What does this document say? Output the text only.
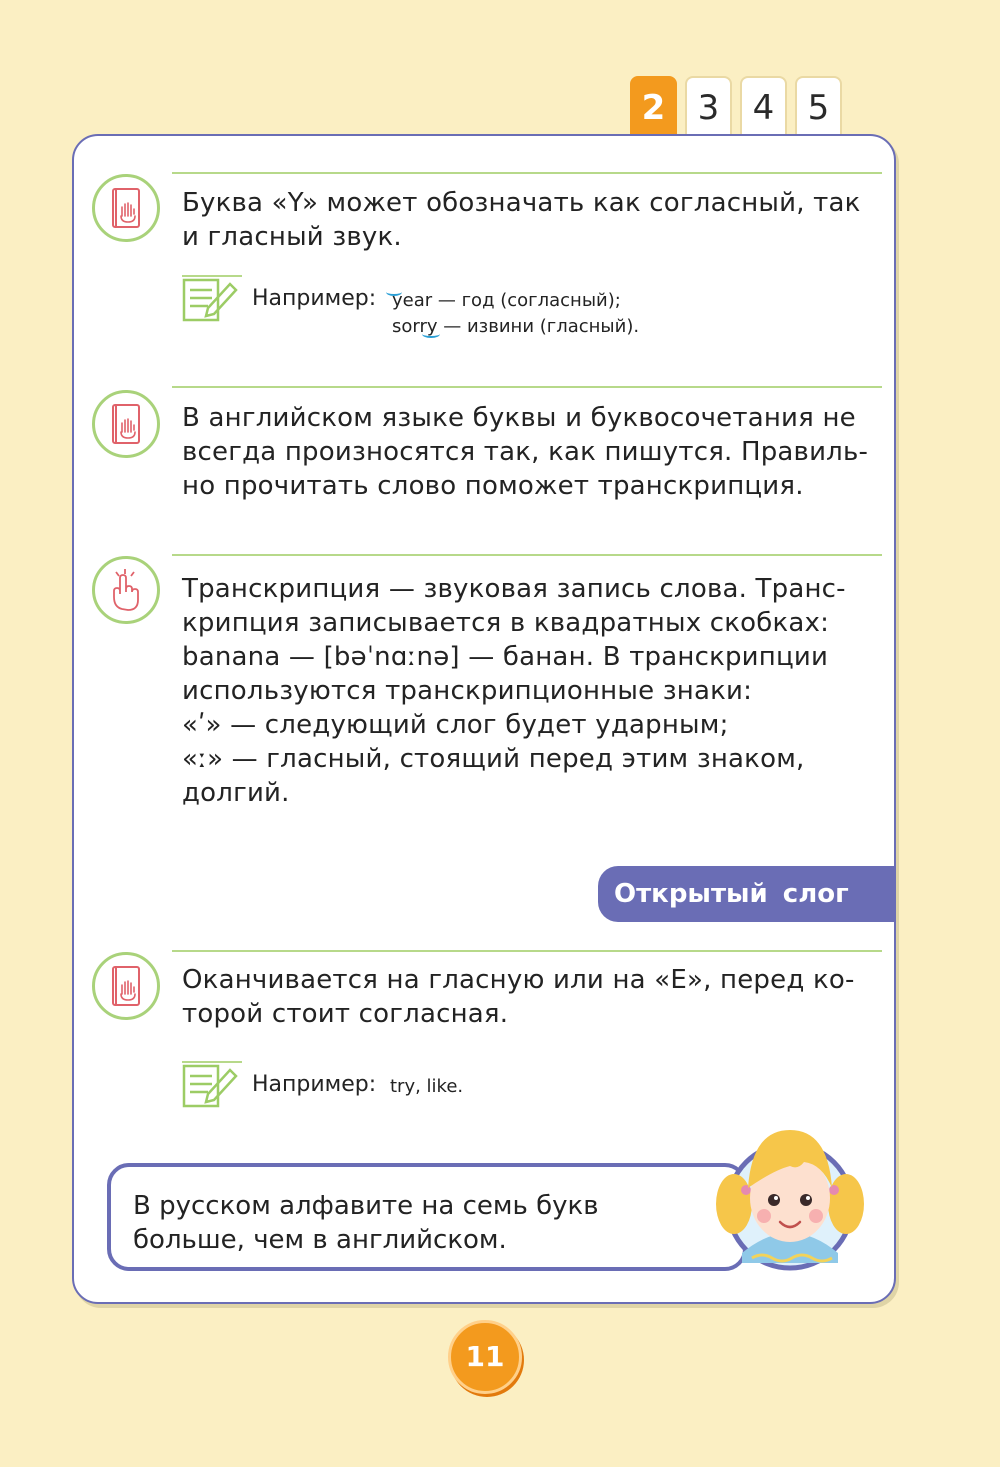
2 3 4 5
Буква «Y» может обозначать как согласный, так
и гласный звук.
Например: year — год (согласный);
sorry — извини (гласный).
В английском языке буквы и буквосочетания не
всегда произносятся так, как пишутся. Правиль-
но прочитать слово поможет транскрипция.
Транскрипция — звуковая запись слова. Транс-
крипция записывается в квадратных скобках:
banana — [bəˈnɑːnə] — банан. В транскрипции
используются транскрипционные знаки:
«ʹ» — следующий слог будет ударным;
«ː» — гласный, стоящий перед этим знаком,
долгий.
Оканчивается на гласную или на «E», перед ко-
торой стоит согласная.
Например: try, like.
Открытый слог
В русском алфавите на семь букв
больше, чем в английском.
11
